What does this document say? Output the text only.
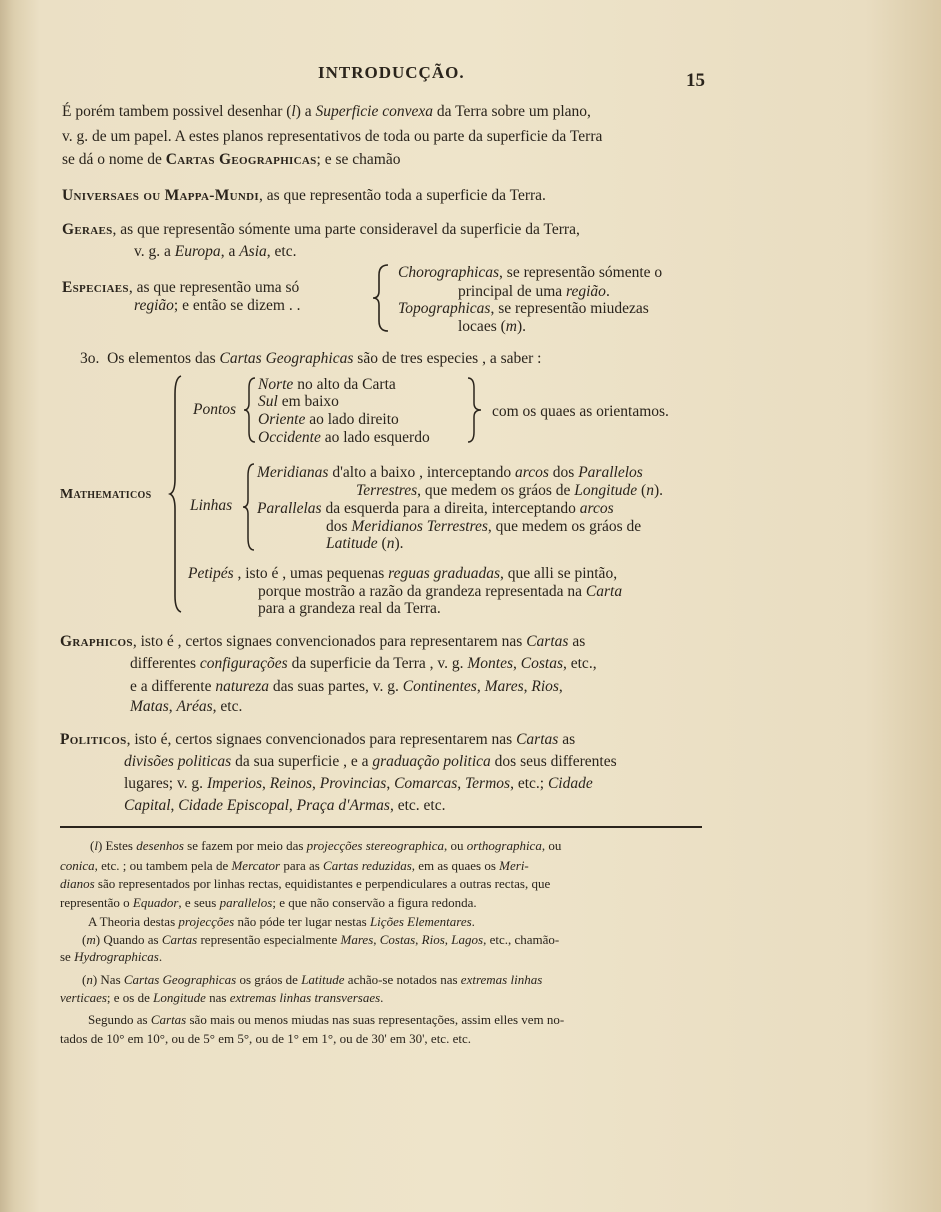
INTRODUCÇÃO.	15
É porém tambem possivel desenhar (l) a Superficie convexa da Terra sobre um plano,
v. g. de um papel. A estes planos representativos de toda ou parte da superficie da Terra
se dá o nome de Cartas Geographicas; e se chamão
Universaes ou Mappa-Mundi, as que representão toda a superficie da Terra.
Geraes, as que representão sómente uma parte consideravel da superficie da Terra,
v. g. a Europa, a Asia, etc.
Especiaes, as que representão uma só
região; e então se dizem . .
Chorographicas, se representão sómente o
principal de uma região.
Topographicas, se representão miudezas
locaes (m).
3o. Os elementos das Cartas Geographicas são de tres especies , a saber :
Mathematicos
Pontos
Norte no alto da Carta
Sul em baixo
Oriente ao lado direito
Occidente ao lado esquerdo
com os quaes as orientamos.
Linhas
Meridianas d'alto a baixo , interceptando arcos dos Parallelos
Terrestres, que medem os gráos de Longitude (n).
Parallelas da esquerda para a direita, interceptando arcos
dos Meridianos Terrestres, que medem os gráos de
Latitude (n).
Petipés , isto é , umas pequenas reguas graduadas, que alli se pintão,
porque mostrão a razão da grandeza representada na Carta
para a grandeza real da Terra.
Graphicos, isto é , certos signaes convencionados para representarem nas Cartas as
differentes configurações da superficie da Terra , v. g. Montes, Costas, etc.,
e a differente natureza das suas partes, v. g. Continentes, Mares, Rios,
Matas, Aréas, etc.
Politicos, isto é, certos signaes convencionados para representarem nas Cartas as
divisões politicas da sua superficie , e a graduação politica dos seus differentes
lugares; v. g. Imperios, Reinos, Provincias, Comarcas, Termos, etc.; Cidade
Capital, Cidade Episcopal, Praça d'Armas, etc. etc.
(l) Estes desenhos se fazem por meio das projecções stereographica, ou orthographica, ou
conica, etc. ; ou tambem pela de Mercator para as Cartas reduzidas, em as quaes os Meri-
dianos são representados por linhas rectas, equidistantes e perpendiculares a outras rectas, que
representão o Equador, e seus parallelos; e que não conservão a figura redonda.
A Theoria destas projecções não póde ter lugar nestas Lições Elementares.
(m) Quando as Cartas representão especialmente Mares, Costas, Rios, Lagos, etc., chamão-
se Hydrographicas.
(n) Nas Cartas Geographicas os gráos de Latitude achão-se notados nas extremas linhas
verticaes; e os de Longitude nas extremas linhas transversaes.
Segundo as Cartas são mais ou menos miudas nas suas representações, assim elles vem no-
tados de 10° em 10°, ou de 5° em 5°, ou de 1° em 1°, ou de 30' em 30', etc. etc.
